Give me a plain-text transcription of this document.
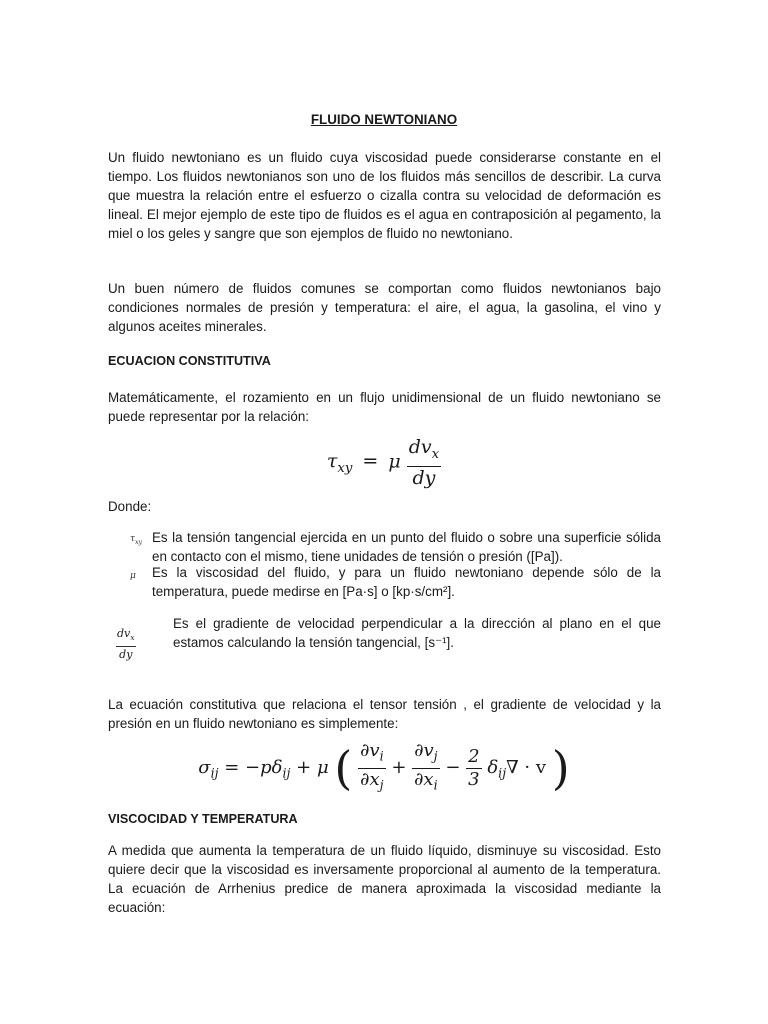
FLUIDO NEWTONIANO

Un fluido newtoniano es un fluido cuya viscosidad puede considerarse constante en el tiempo. Los fluidos newtonianos son uno de los fluidos más sencillos de describir. La curva que muestra la relación entre el esfuerzo o cizalla contra su velocidad de deformación es lineal. El mejor ejemplo de este tipo de fluidos es el agua en contraposición al pegamento, la miel o los geles y sangre que son ejemplos de fluido no newtoniano.

Un buen número de fluidos comunes se comportan como fluidos newtonianos bajo condiciones normales de presión y temperatura: el aire, el agua, la gasolina, el vino y algunos aceites minerales.

ECUACION CONSTITUTIVA

Matemáticamente, el rozamiento en un flujo unidimensional de un fluido newtoniano se puede representar por la relación:

$\tau_{xy} = \mu \frac{dv_x}{dy}$
Donde:
$\tau_{xy}$ Es la tensión tangencial ejercida en un punto del fluido o sobre una superficie sólida en contacto con el mismo, tiene unidades de tensión o presión ([Pa]).

μ Es la viscosidad del fluido, y para un fluido newtoniano depende sólo de la temperatura, puede medirse en [Pa·s] o [kp·s/cm²].

$dv_x$
dy

Es el gradiente de velocidad perpendicular a la dirección al plano en el que estamos calculando la tensión tangencial, [s⁻¹].

La ecuación constitutiva que relaciona el tensor tensión , el gradiente de velocidad y la presión en un fluido newtoniano es simplemente:

$\sigma_{ij} = -p\delta_{ij} + \mu$ ( $\frac{\partial v_i}{\partial x_j} + \frac{\partial v_j}{\partial x_i} - \frac{2}{3} \delta_{ij}\nabla \cdot v$ )
VISCOCIDAD Y TEMPERATURA

A medida que aumenta la temperatura de un fluido líquido, disminuye su viscosidad. Esto quiere decir que la viscosidad es inversamente proporcional al aumento de la temperatura. La ecuación de Arrhenius predice de manera aproximada la viscosidad mediante la ecuación:
